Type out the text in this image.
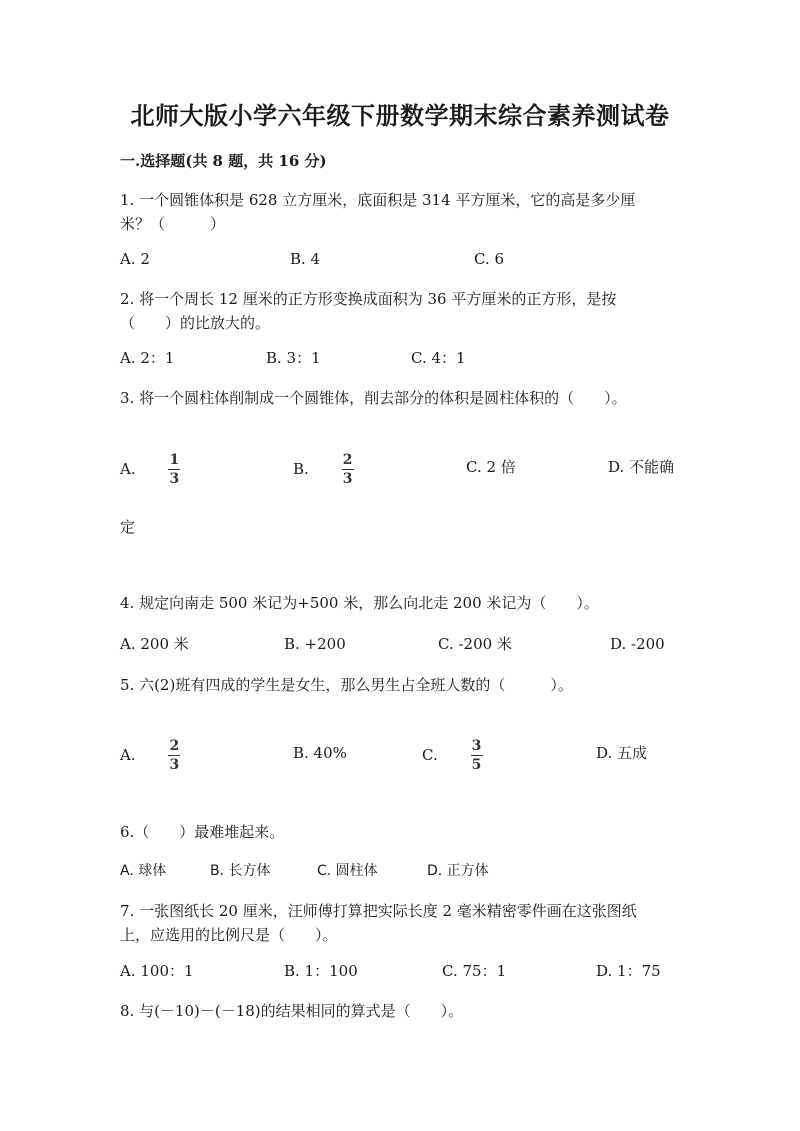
北师大版小学六年级下册数学期末综合素养测试卷
一.选择题(共 8 题，共 16 分)
1. 一个圆锥体积是 628 立方厘米，底面积是 314 平方厘米，它的高是多少厘
米？（　　　）
A. 2	B. 4	C. 6
2. 将一个周长 12 厘米的正方形变换成面积为 36 平方厘米的正方形，是按
（　　）的比放大的。
A. 2：1	B. 3：1	C. 4：1
3. 将一个圆柱体削制成一个圆锥体，削去部分的体积是圆柱体积的（　　）。
A. $\frac{1}{3}$	B. $\frac{2}{3}$	C. 2 倍	D. 不能确
定
4. 规定向南走 500 米记为+500 米，那么向北走 200 米记为（　　）。
A. 200 米	B. +200	C. -200 米	D. -200
5. 六(2)班有四成的学生是女生，那么男生占全班人数的（　　　）。
A. $\frac{2}{3}$	B. 40%	C. $\frac{3}{5}$	D. 五成
6.（　　）最难堆起来。
A. 球体	B. 长方体	C. 圆柱体	D. 正方体
7. 一张图纸长 20 厘米，汪师傅打算把实际长度 2 毫米精密零件画在这张图纸
上，应选用的比例尺是（　　）。
A. 100：1	B. 1：100	C. 75：1	D. 1：75
8. 与(－10)－(－18)的结果相同的算式是（　　）。
